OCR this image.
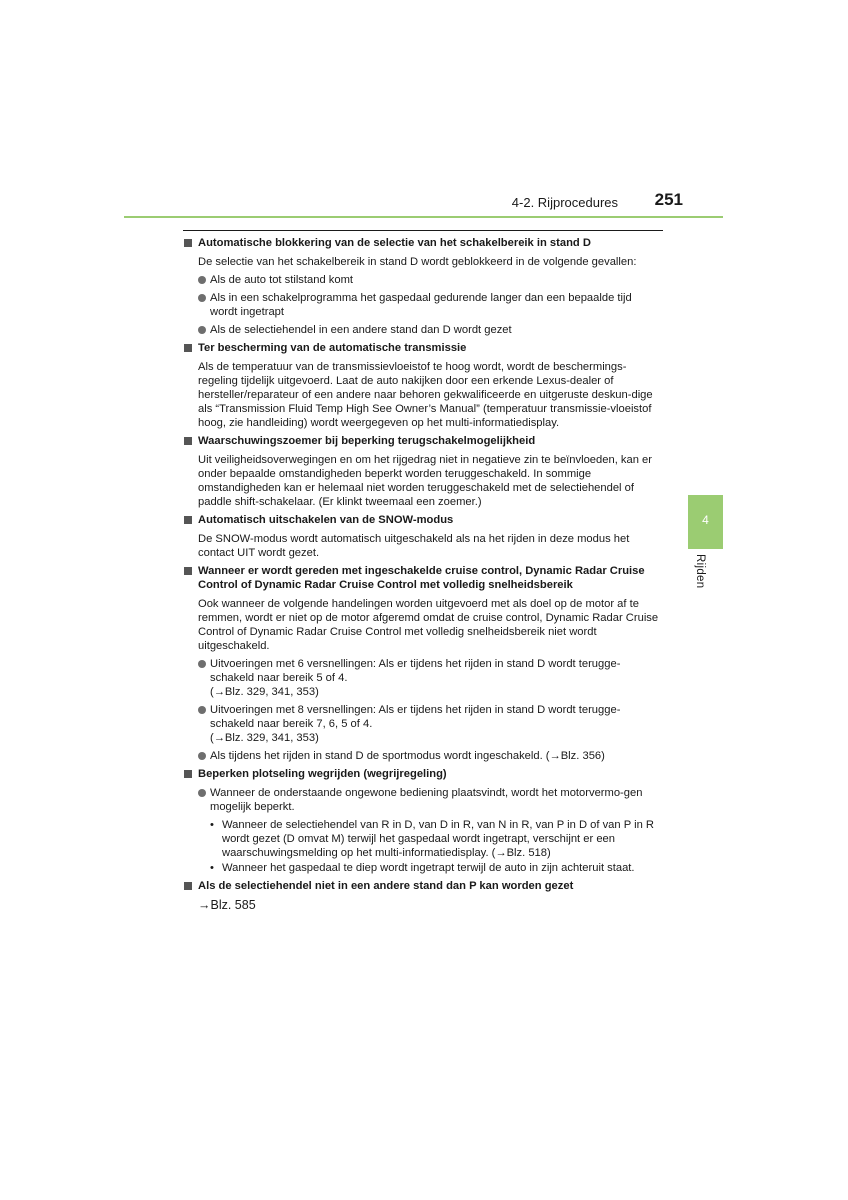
4-2. Rijprocedures 251
4
Rijden
Automatische blokkering van de selectie van het schakelbereik in stand D
De selectie van het schakelbereik in stand D wordt geblokkeerd in de volgende gevallen:
Als de auto tot stilstand komt
Als in een schakelprogramma het gaspedaal gedurende langer dan een bepaalde tijd wordt ingetrapt
Als de selectiehendel in een andere stand dan D wordt gezet
Ter bescherming van de automatische transmissie
Als de temperatuur van de transmissievloeistof te hoog wordt, wordt de beschermings-regeling tijdelijk uitgevoerd. Laat de auto nakijken door een erkende Lexus-dealer of hersteller/reparateur of een andere naar behoren gekwalificeerde en uitgeruste deskun-dige als “Transmission Fluid Temp High See Owner’s Manual” (temperatuur transmissie-vloeistof hoog, zie handleiding) wordt weergegeven op het multi-informatiedisplay.
Waarschuwingszoemer bij beperking terugschakelmogelijkheid
Uit veiligheidsoverwegingen en om het rijgedrag niet in negatieve zin te beïnvloeden, kan er onder bepaalde omstandigheden beperkt worden teruggeschakeld. In sommige omstandigheden kan er helemaal niet worden teruggeschakeld met de selectiehendel of paddle shift-schakelaar. (Er klinkt tweemaal een zoemer.)
Automatisch uitschakelen van de SNOW-modus
De SNOW-modus wordt automatisch uitgeschakeld als na het rijden in deze modus het contact UIT wordt gezet.
Wanneer er wordt gereden met ingeschakelde cruise control, Dynamic Radar Cruise Control of Dynamic Radar Cruise Control met volledig snelheidsbereik
Ook wanneer de volgende handelingen worden uitgevoerd met als doel op de motor af te remmen, wordt er niet op de motor afgeremd omdat de cruise control, Dynamic Radar Cruise Control of Dynamic Radar Cruise Control met volledig snelheidsbereik niet wordt uitgeschakeld.
Uitvoeringen met 6 versnellingen: Als er tijdens het rijden in stand D wordt terugge-schakeld naar bereik 5 of 4.
(→Blz. 329, 341, 353)
Uitvoeringen met 8 versnellingen: Als er tijdens het rijden in stand D wordt terugge-schakeld naar bereik 7, 6, 5 of 4.
(→Blz. 329, 341, 353)
Als tijdens het rijden in stand D de sportmodus wordt ingeschakeld. (→Blz. 356)
Beperken plotseling wegrijden (wegrijregeling)
Wanneer de onderstaande ongewone bediening plaatsvindt, wordt het motorvermo-gen mogelijk beperkt.
• Wanneer de selectiehendel van R in D, van D in R, van N in R, van P in D of van P in R wordt gezet (D omvat M) terwijl het gaspedaal wordt ingetrapt, verschijnt er een waarschuwingsmelding op het multi-informatiedisplay. (→Blz. 518)
• Wanneer het gaspedaal te diep wordt ingetrapt terwijl de auto in zijn achteruit staat.
Als de selectiehendel niet in een andere stand dan P kan worden gezet
→Blz. 585
